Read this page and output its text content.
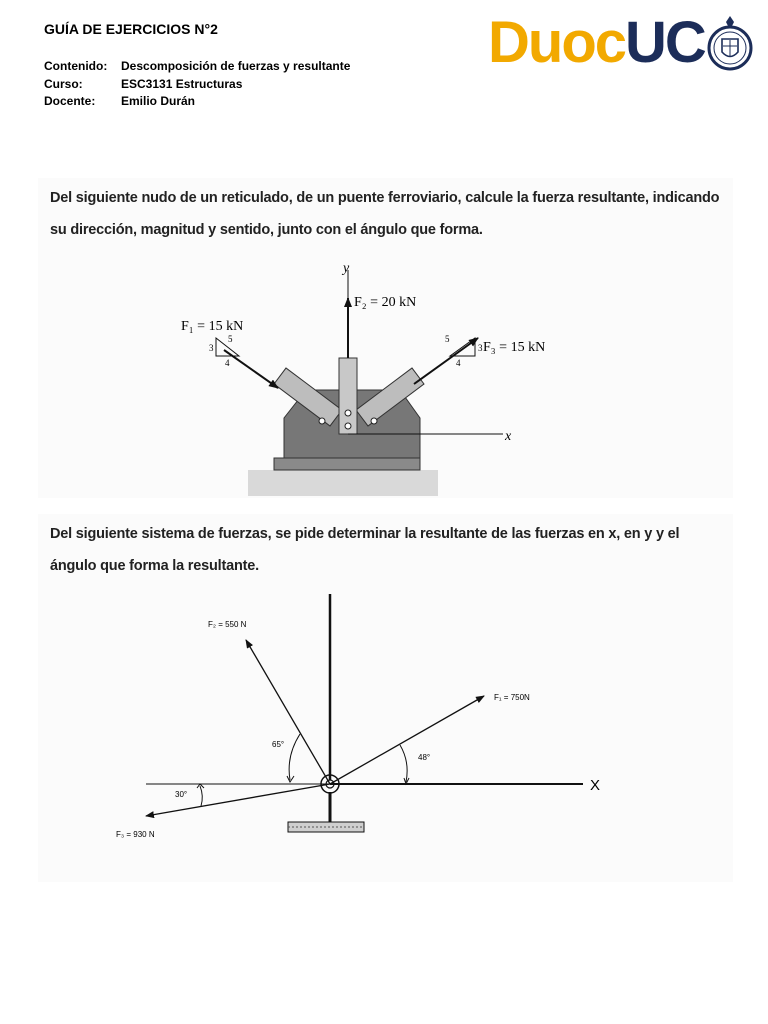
GUÍA DE EJERCICIOS N°2
Contenido: Descomposición de fuerzas y resultante
Curso:	ESC3131 Estructuras
Docente: Emilio Durán
DuocUC
Del siguiente nudo de un reticulado, de un puente ferroviario, calcule la fuerza resultante, indicando su dirección, magnitud y sentido, junto con el ángulo que forma.
y
x
F₂ = 20 kN
F₁ = 15 kN
3
4
5
F₃ = 15 kN
3
4
5
Del siguiente sistema de fuerzas, se pide determinar la resultante de las fuerzas en x, en y y el ángulo que forma la resultante.
X
F₁ = 750N
48°
F₂ = 550 N
65°
F₃ = 930 N
30°
